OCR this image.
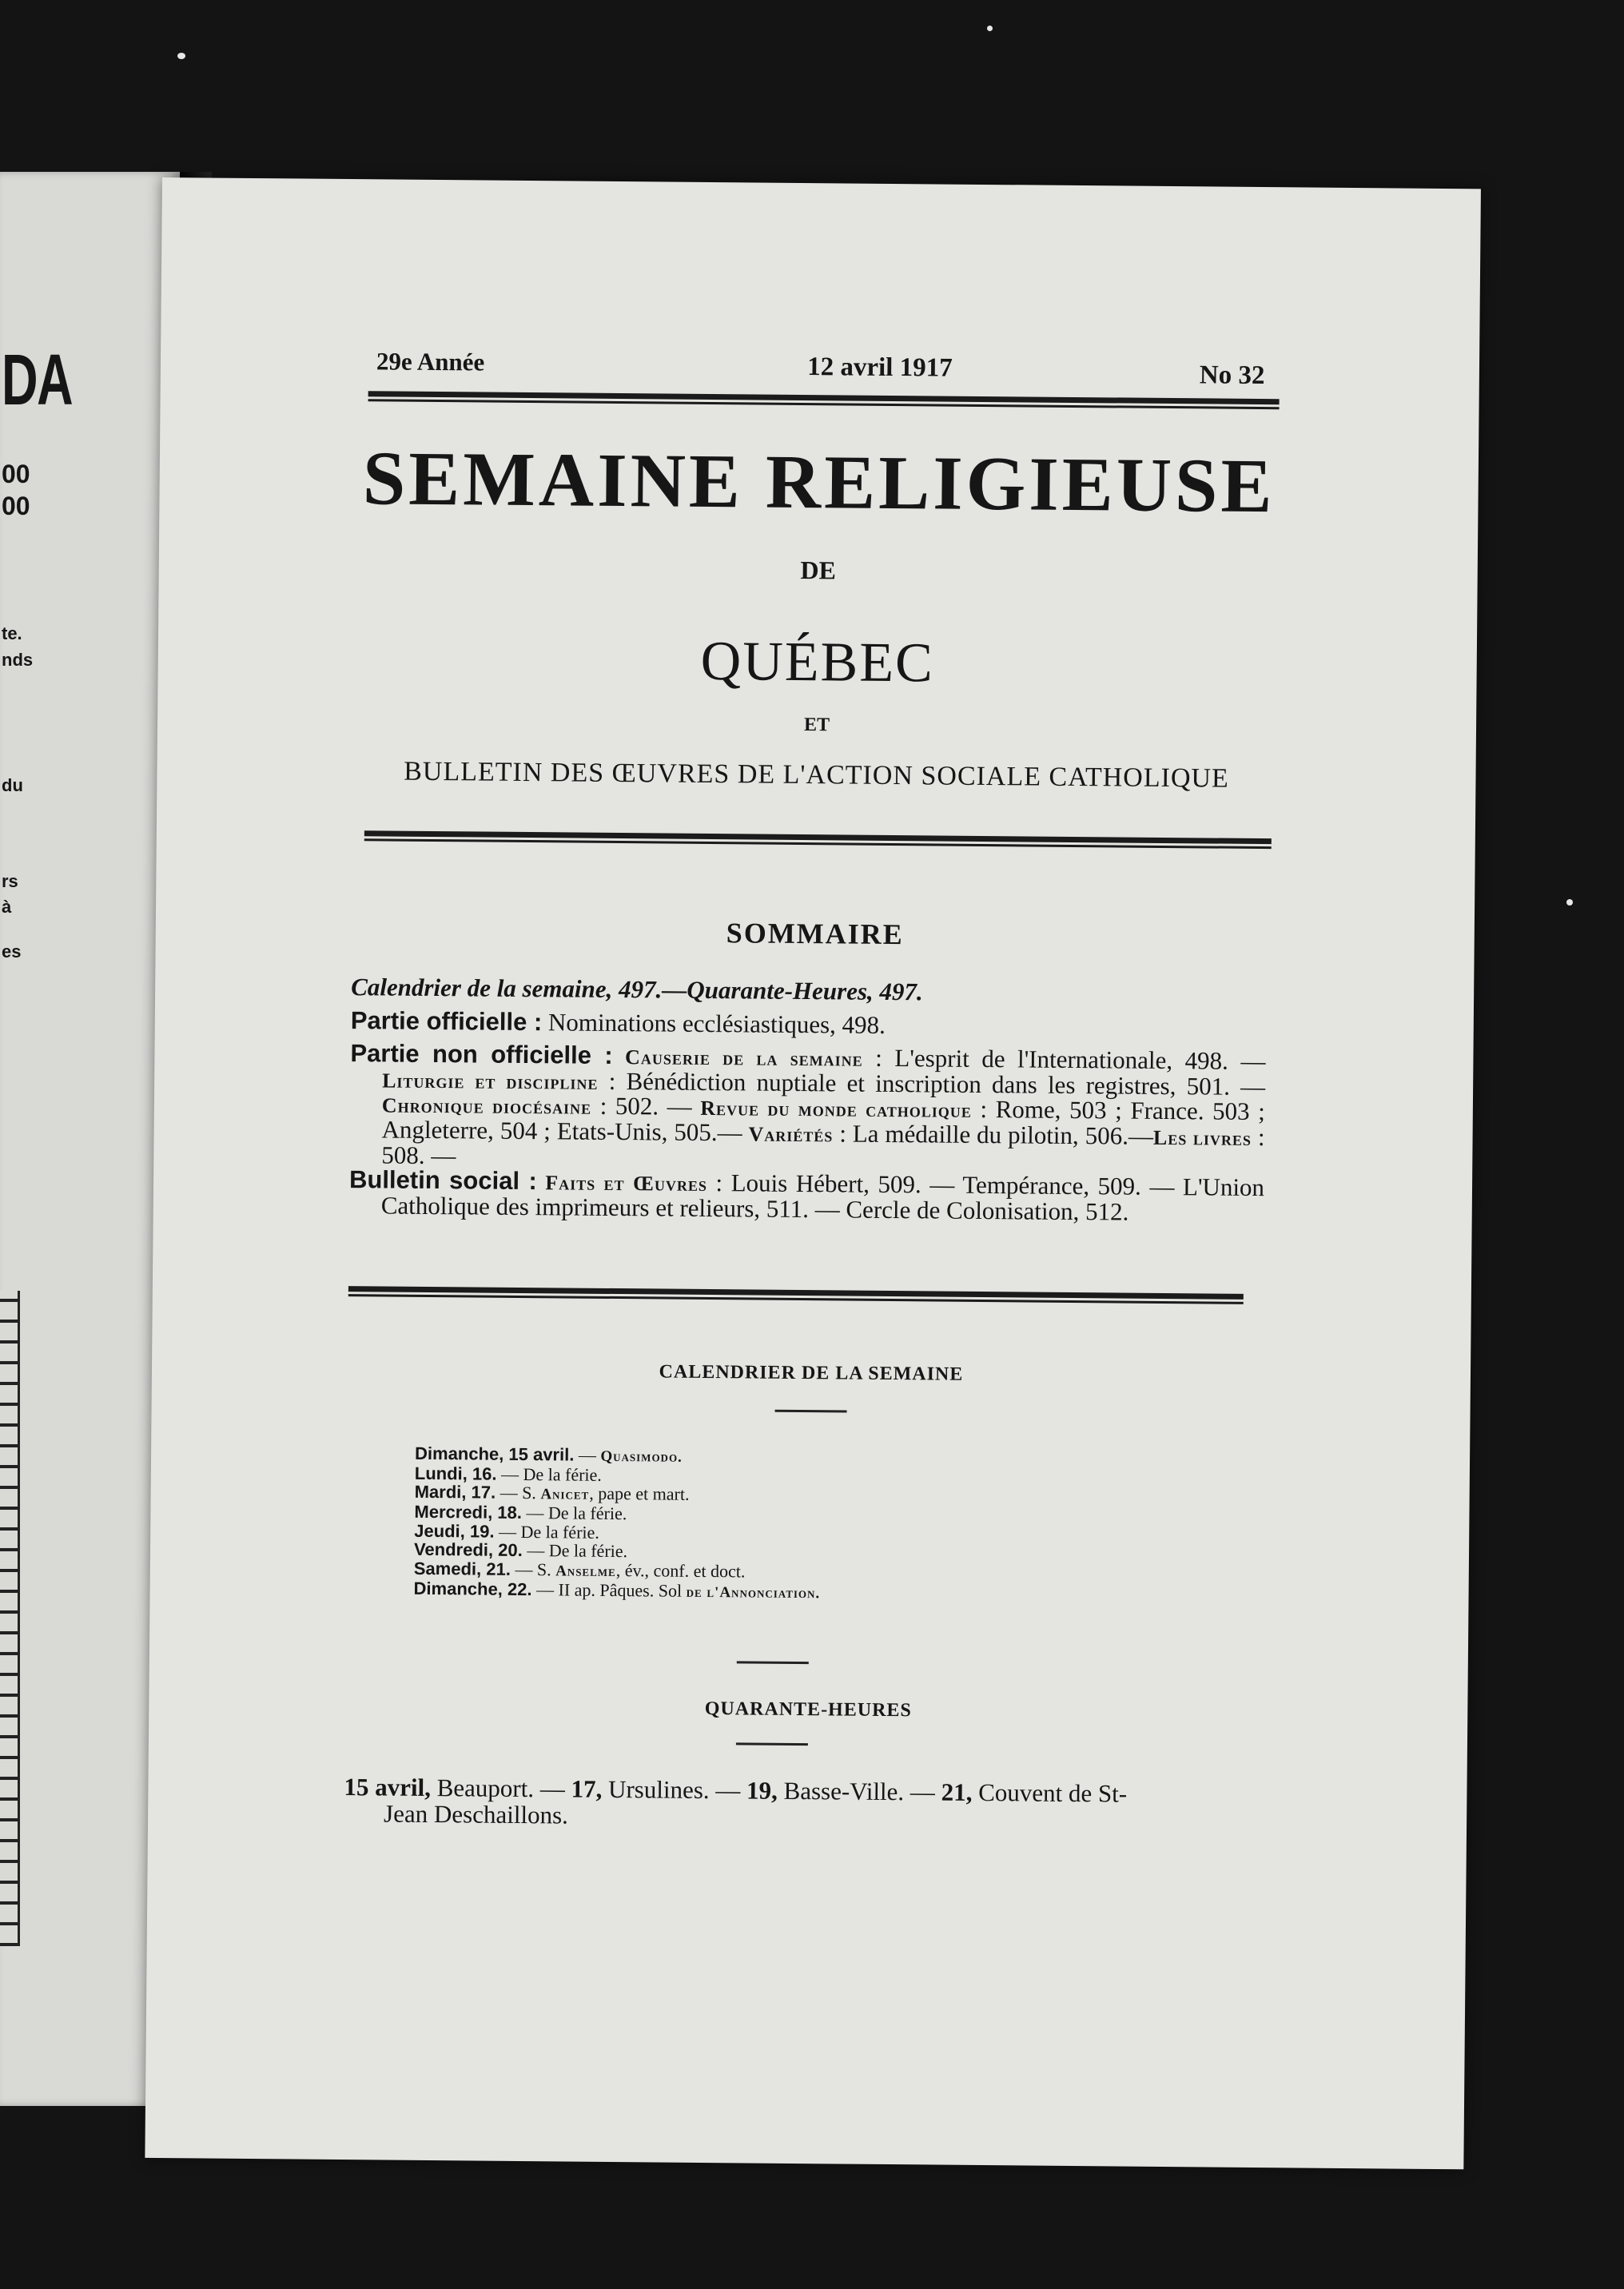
DA
00
00
te.
nds
du
rs
à
es
29e Année	12 avril 1917	No 32
SEMAINE RELIGIEUSE
DE
QUÉBEC
ET
BULLETIN DES ŒUVRES DE L'ACTION SOCIALE CATHOLIQUE
SOMMAIRE

Calendrier de la semaine, 497.—Quarante-Heures, 497.

Partie officielle : Nominations ecclésiastiques, 498.

Partie non officielle : Causerie de la semaine : L'esprit de l'Internationale, 498. — Liturgie et discipline : Bénédiction nuptiale et inscription dans les registres, 501. — Chronique diocésaine : 502. — Revue du monde catholique : Rome, 503 ; France. 503 ; Angleterre, 504 ; Etats-Unis, 505.— Variétés : La médaille du pilotin, 506.—Les livres : 508. —

Bulletin social : Faits et Œuvres : Louis Hébert, 509. — Tempérance, 509. — L'Union Catholique des imprimeurs et relieurs, 511. — Cercle de Colonisation, 512.

CALENDRIER DE LA SEMAINE
Dimanche, 15 avril. — Quasimodo.
Lundi, 16. — De la férie.
Mardi, 17. — S. Anicet, pape et mart.
Mercredi, 18. — De la férie.
Jeudi, 19. — De la férie.
Vendredi, 20. — De la férie.
Samedi, 21. — S. Anselme, év., conf. et doct.
Dimanche, 22. — II ap. Pâques. Sol de l'Annonciation.
QUARANTE-HEURES
15 avril, Beauport. — 17, Ursulines. — 19, Basse-Ville. — 21, Couvent de St-
Jean Deschaillons.
